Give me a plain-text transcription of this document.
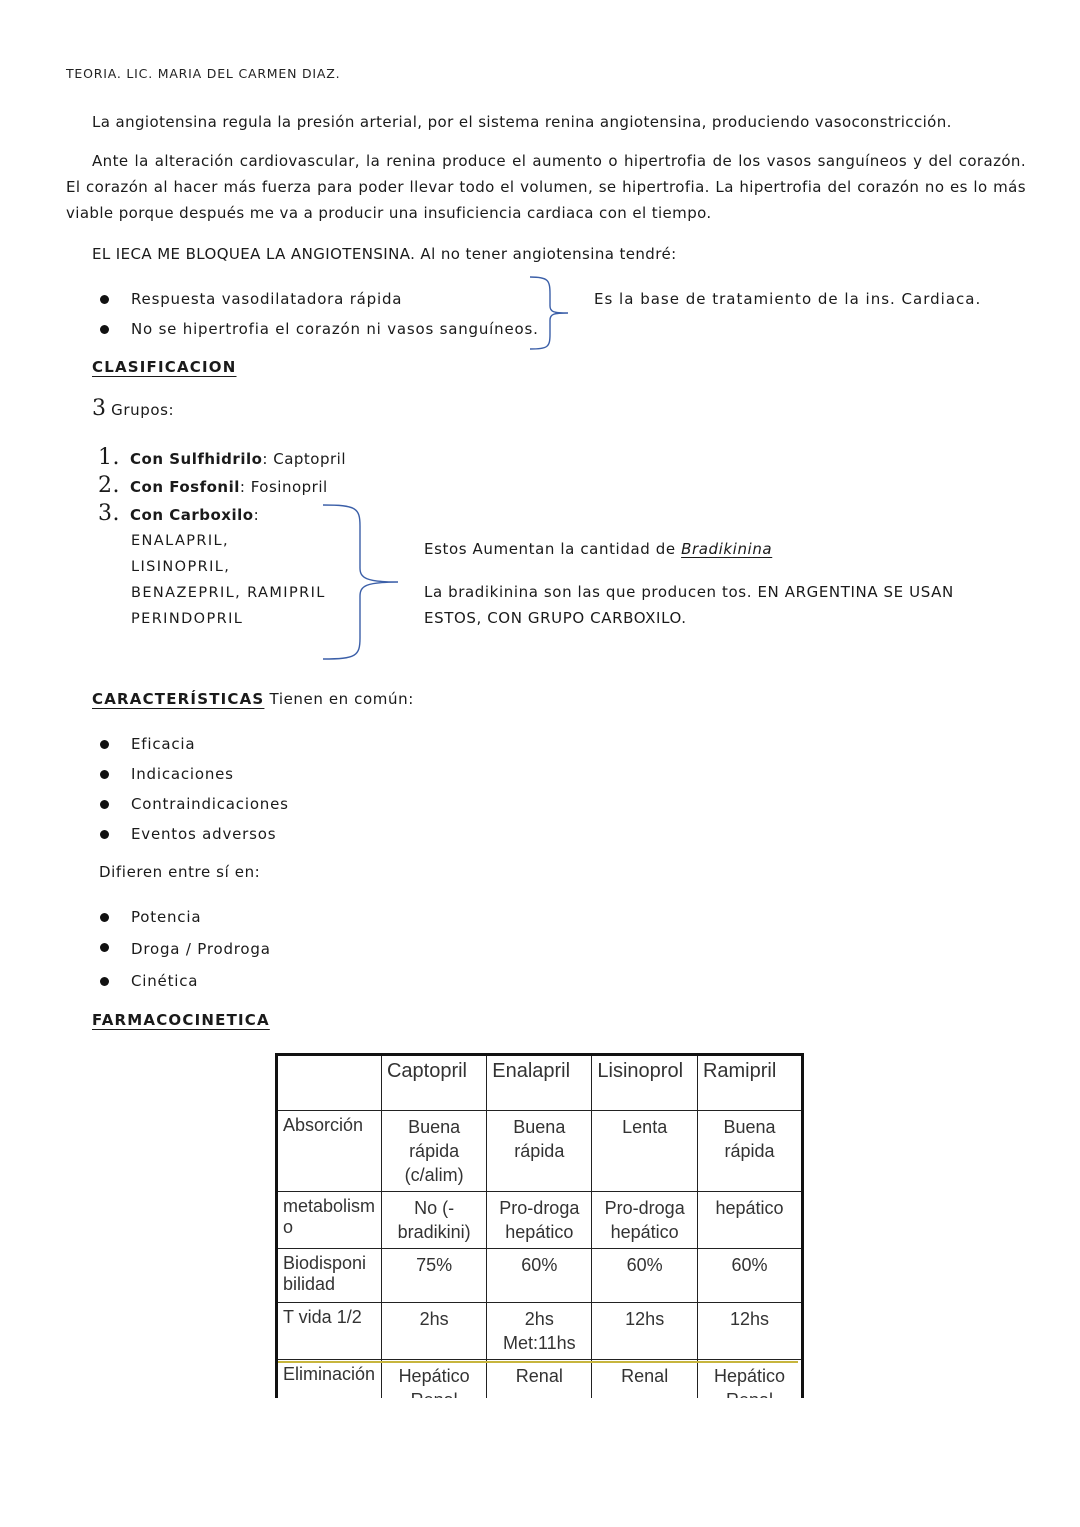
TEORIA. LIC. MARIA DEL CARMEN DIAZ.

La angiotensina regula la presión arterial, por el sistema renina angiotensina, produciendo vasoconstricción.

Ante la alteración cardiovascular, la renina produce el aumento o hipertrofia de los vasos sanguíneos y del corazón. El corazón al hacer más fuerza para poder llevar todo el volumen, se hipertrofia. La hipertrofia del corazón no es lo más viable porque después me va a producir una insuficiencia cardiaca con el tiempo.

EL IECA ME BLOQUEA LA ANGIOTENSINA. Al no tener angiotensina tendré:

Respuesta vasodilatadora rápida
No se hipertrofia el corazón ni vasos sanguíneos.
Es la base de tratamiento de la ins. Cardiaca.
CLASIFICACION
3 Grupos:
1. Con Sulfhidrilo: Captopril
2. Con Fosfonil: Fosinopril
3. Con Carboxilo:
ENALAPRIL,
LISINOPRIL,
BENAZEPRIL, RAMIPRIL
PERINDOPRIL
Estos Aumentan la cantidad de Bradikinina
La bradikinina son las que producen tos. EN ARGENTINA SE USAN
ESTOS, CON GRUPO CARBOXILO.
CARACTERÍSTICAS Tienen en común:
Eficacia
Indicaciones
Contraindicaciones
Eventos adversos
Difieren entre sí en:
Potencia
Droga / Prodroga
Cinética
FARMACOCINETICA
	Captopril	Enalapril	Lisinoprol	Ramipril
Absorción	Buena rápida (c/alim)	Buena rápida	Lenta	Buena rápida
metabolismo	No (-bradikini)	Pro-droga hepático	Pro-droga hepático	hepático
Biodisponibilidad	75%	60%	60%	60%
T vida 1/2	2hs	2hs Met:11hs	12hs	12hs
Eliminación	Hepático	Renal	Renal	Hepático
